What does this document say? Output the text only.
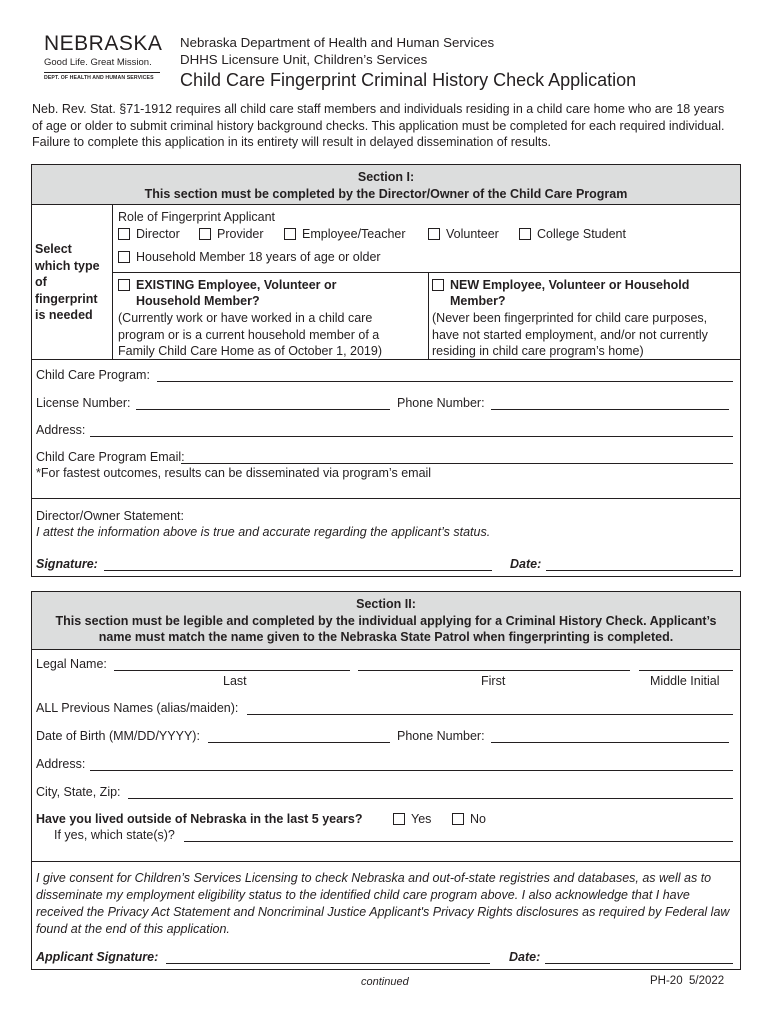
NEBRASKA
Good Life. Great Mission.
DEPT. OF HEALTH AND HUMAN SERVICES
Nebraska Department of Health and Human Services
DHHS Licensure Unit, Children’s Services
Child Care Fingerprint Criminal History Check Application
Neb. Rev. Stat. §71-1912 requires all child care staff members and individuals residing in a child care home who are 18 years of age or older to submit criminal history background checks. This application must be completed for each required individual. Failure to complete this application in its entirety will result in delayed dissemination of results.
Section I:
This section must be completed by the Director/Owner of the Child Care Program
Select which type of fingerprint is needed
Role of Fingerprint Applicant
Director	Provider	Employee/Teacher	Volunteer	College Student
Household Member 18 years of age or older
EXISTING Employee, Volunteer or
Household Member?
(Currently work or have worked in a child care program or is a current household member of a Family Child Care Home as of October 1, 2019)
NEW Employee, Volunteer or Household
Member?
(Never been fingerprinted for child care purposes, have not started employment, and/or not currently residing in child care program’s home)
Child Care Program:
License Number:	Phone Number:
Address:
Child Care Program Email:
*For fastest outcomes, results can be disseminated via program’s email
Director/Owner Statement:
I attest the information above is true and accurate regarding the applicant’s status.
Signature:	Date:
Section II:
This section must be legible and completed by the individual applying for a Criminal History Check. Applicant’s name must match the name given to the Nebraska State Patrol when fingerprinting is completed.
Legal Name:
Last	First	Middle Initial
ALL Previous Names (alias/maiden):
Date of Birth (MM/DD/YYYY):	Phone Number:
Address:
City, State, Zip:
Have you lived outside of Nebraska in the last 5 years?	Yes	No
If yes, which state(s)?
I give consent for Children’s Services Licensing to check Nebraska and out-of-state registries and databases, as well as to disseminate my employment eligibility status to the identified child care program above. I also acknowledge that I have received the Privacy Act Statement and Noncriminal Justice Applicant's Privacy Rights disclosures as required by Federal law found at the end of this application.
Applicant Signature:	Date:
continued	PH-20  5/2022
